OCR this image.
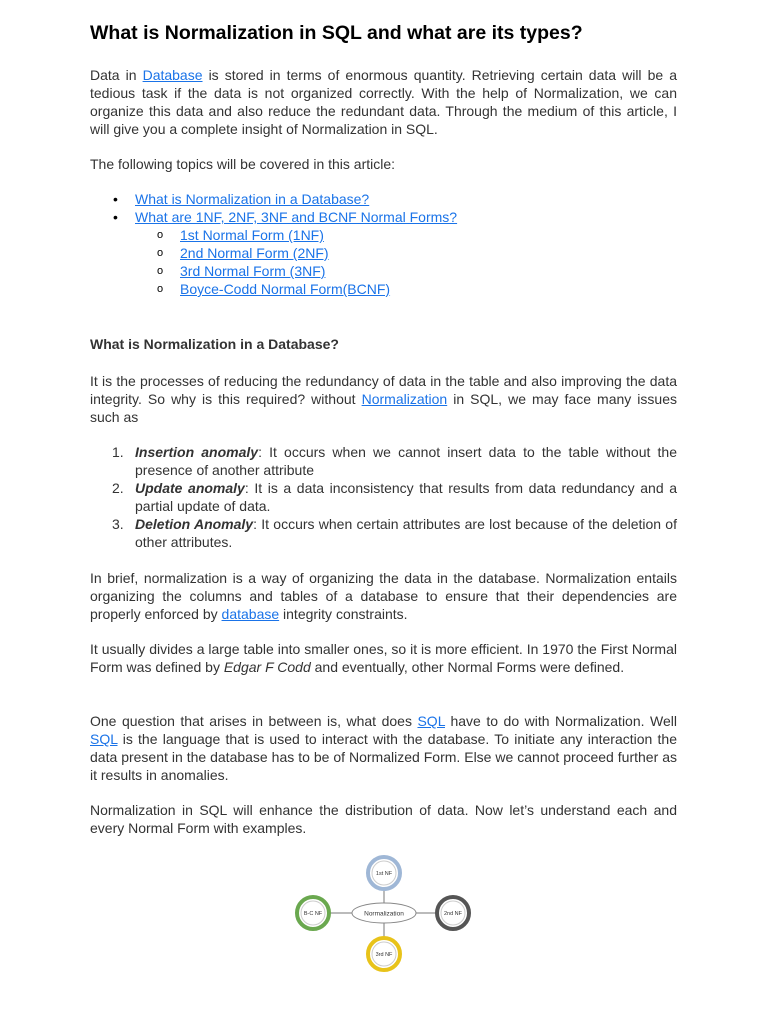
What is Normalization in SQL and what are its types?

Data in Database is stored in terms of enormous quantity. Retrieving certain data will be a tedious task if the data is not organized correctly. With the help of Normalization, we can organize this data and also reduce the redundant data. Through the medium of this article, I will give you a complete insight of Normalization in SQL.

The following topics will be covered in this article:

• What is Normalization in a Database?
• What are 1NF, 2NF, 3NF and BCNF Normal Forms?
o 1st Normal Form (1NF)
o 2nd Normal Form (2NF)
o 3rd Normal Form (3NF)
o Boyce-Codd Normal Form(BCNF)

What is Normalization in a Database?

It is the processes of reducing the redundancy of data in the table and also improving the data integrity. So why is this required? without Normalization in SQL, we may face many issues such as

1. Insertion anomaly: It occurs when we cannot insert data to the table without the presence of another attribute
2. Update anomaly: It is a data inconsistency that results from data redundancy and a partial update of data.
3. Deletion Anomaly: It occurs when certain attributes are lost because of the deletion of other attributes.

In brief, normalization is a way of organizing the data in the database. Normalization entails organizing the columns and tables of a database to ensure that their dependencies are properly enforced by database integrity constraints.

It usually divides a large table into smaller ones, so it is more efficient. In 1970 the First Normal Form was defined by Edgar F Codd and eventually, other Normal Forms were defined.

One question that arises in between is, what does SQL have to do with Normalization. Well SQL is the language that is used to interact with the database. To initiate any interaction the data present in the database has to be of Normalized Form. Else we cannot proceed further as it results in anomalies.

Normalization in SQL will enhance the distribution of data. Now let’s understand each and every Normal Form with examples.

Normalization
1st NF
2nd NF
3rd NF
B-C NF
